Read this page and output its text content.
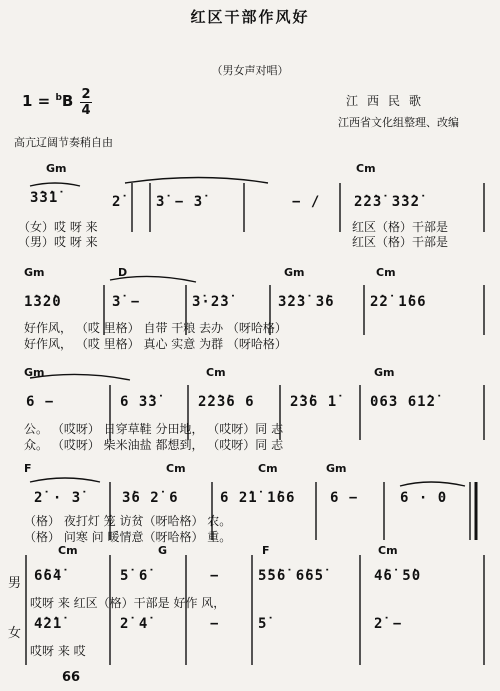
红区干部作风好
（男女声对唱）
1 = $^b$B 2
4
江西民歌
江西省文化组整理、改编
高亢辽阔节奏稍自由
Gm	Cm
3̇3̇1̇	2̇ 3̇ − 3̇	− / 2̇2̇3̇ 3̇3̇2̇
（女）哎 呀 来
（男）哎 呀 来
红区（格）干部是
红区（格）干部是
Gm	D	Gm	Cm
1̇3̇2̇0	3̇ −	3̇·2̇3̇	3̇2̇3̇ 3̇6	2̇2̇ 1̇66
好作风， （哎 里格） 自带 干粮 去办 （呀哈格）
好作风， （哎 里格） 真心 实意 为群 （呀哈格）
Gm	Cm	Gm
6 −	6 3̇3̇	2̇2̇3̇6 6	2̇3̇6 1̇ 063 61̇2̇
公。 （哎呀） 日穿草鞋 分田地， （哎呀）同 志
众。 （哎呀） 柴米油盐 都想到， （哎呀）同 志
F	Cm	Cm	Gm
2̇ · 3̇	3̇6 2̇ 6	6 2̇1̇ 1̇66 6 −	6 · 0
（格） 夜打灯 笼 访贫（呀哈格） 农。
（格） 问寒 问 暖情意（呀哈格） 重。
Cm	G	F	Cm
男
女
6̇6̇4̇	5̇ 6̇	−	5̇5̇6̇ 6̇6̇5̇	4̇6̇ 5̇0
哎呀 来 红区（格）干部是 好作 风，
4̇2̇1̇	2̇ 4̇	−	5̇	2̇ −
哎呀 来 哎
66
